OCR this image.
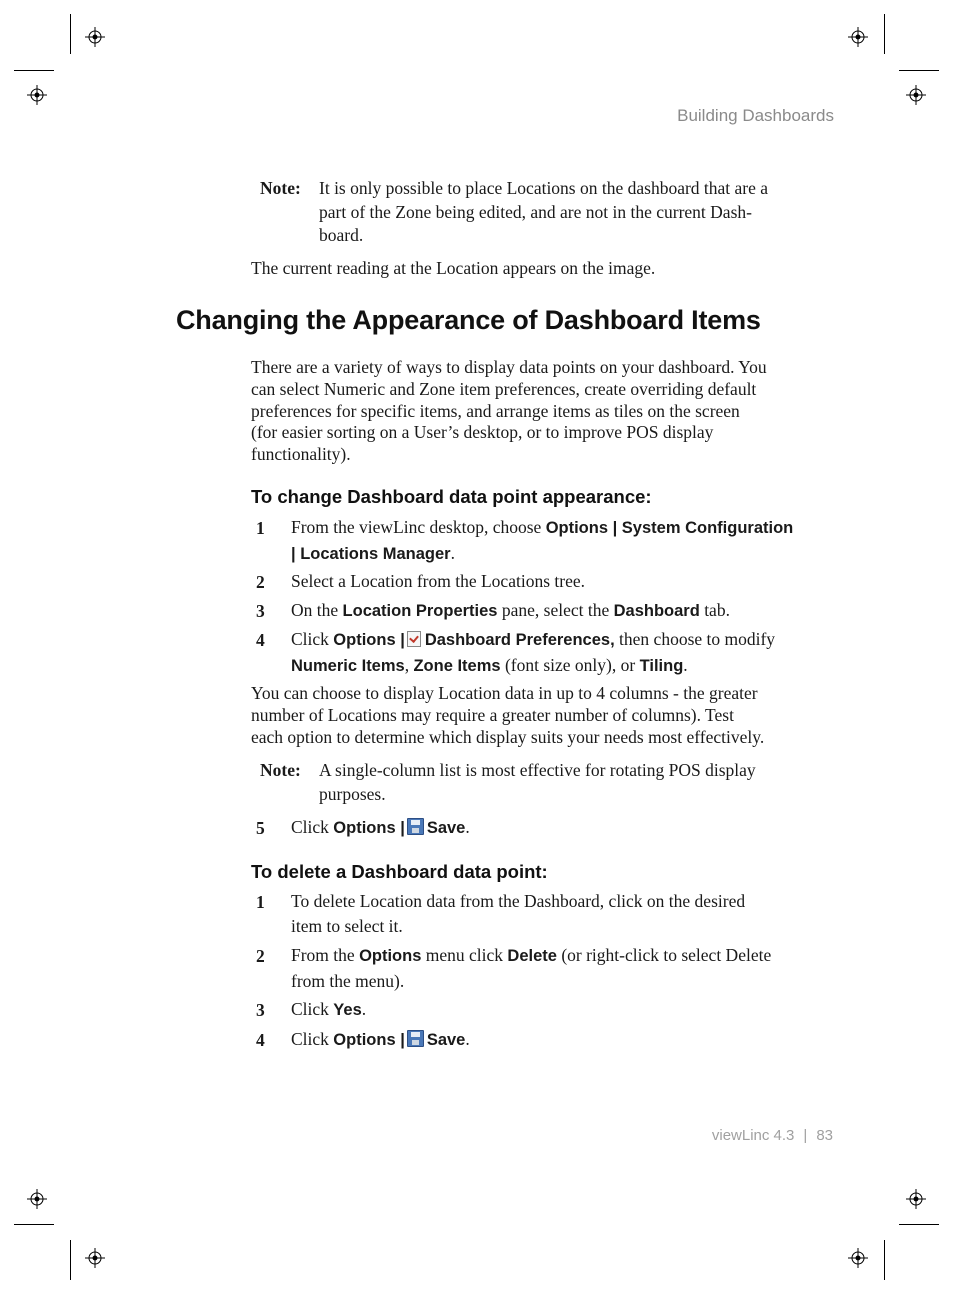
Building Dashboards
Note: It is only possible to place Locations on the dashboard that are a
part of the Zone being edited, and are not in the current Dash-
board.
The current reading at the Location appears on the image.
Changing the Appearance of Dashboard Items
There are a variety of ways to display data points on your dashboard. You
can select Numeric and Zone item preferences, create overriding default
preferences for specific items, and arrange items as tiles on the screen
(for easier sorting on a User’s desktop, or to improve POS display
functionality).
To change Dashboard data point appearance:
1 From the viewLinc desktop, choose Options | System Configuration
| Locations Manager.
2 Select a Location from the Locations tree.
3 On the Location Properties pane, select the Dashboard tab.
4 Click Options | Dashboard Preferences, then choose to modify
Numeric Items, Zone Items (font size only), or Tiling.
You can choose to display Location data in up to 4 columns - the greater
number of Locations may require a greater number of columns). Test
each option to determine which display suits your needs most effectively.
Note: A single-column list is most effective for rotating POS display
purposes.
5 Click Options | Save.
To delete a Dashboard data point:
1 To delete Location data from the Dashboard, click on the desired
item to select it.
2 From the Options menu click Delete (or right-click to select Delete
from the menu).
3 Click Yes.
4 Click Options | Save.
viewLinc 4.3 | 83
